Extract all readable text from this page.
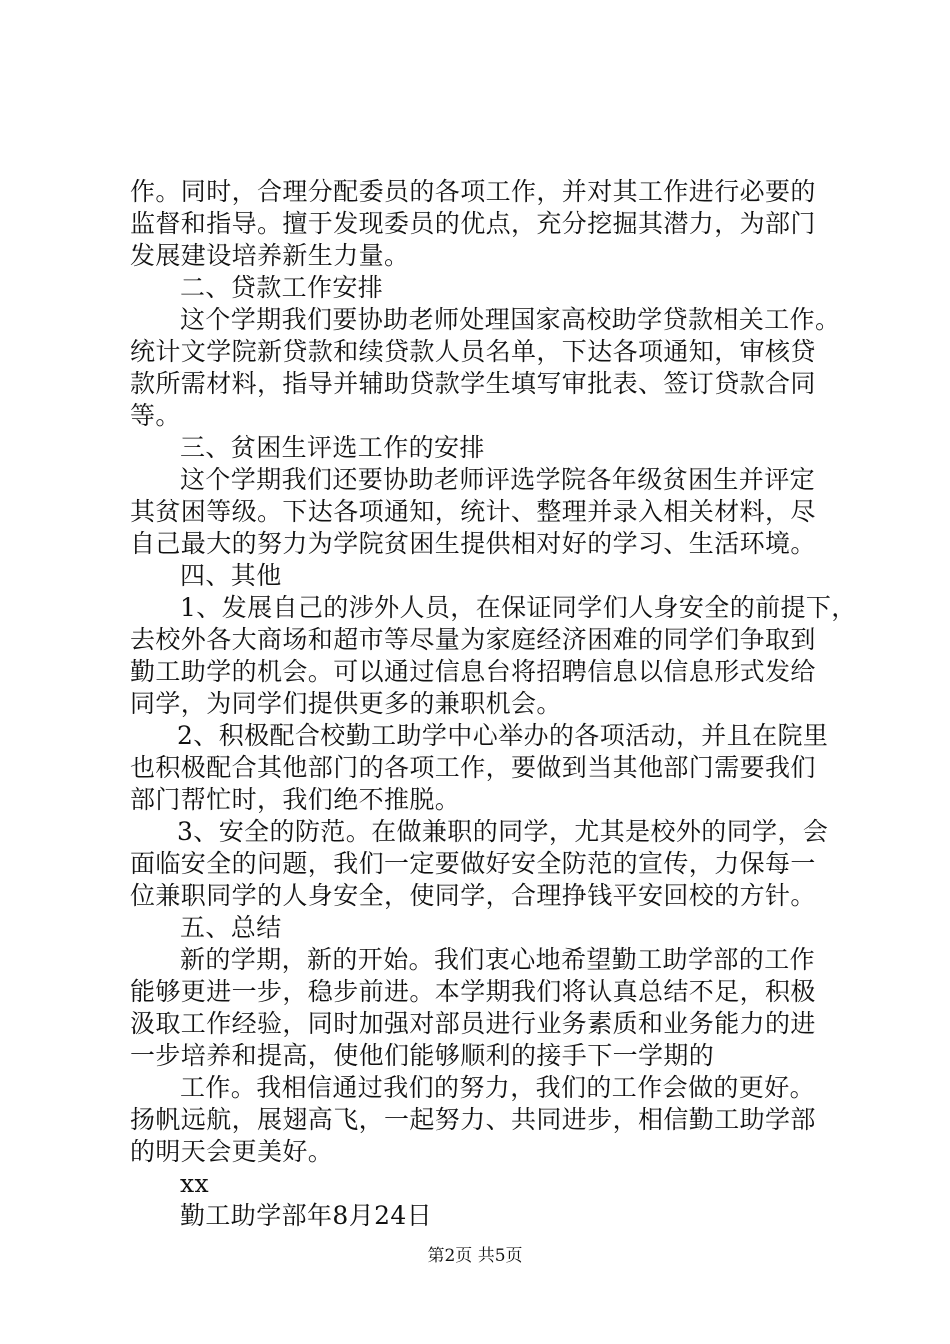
作。同时，合理分配委员的各项工作，并对其工作进行必要的
监督和指导。擅于发现委员的优点，充分挖掘其潜力，为部门
发展建设培养新生力量。
二、贷款工作安排
这个学期我们要协助老师处理国家高校助学贷款相关工作。
统计文学院新贷款和续贷款人员名单，下达各项通知，审核贷
款所需材料，指导并辅助贷款学生填写审批表、签订贷款合同
等。
三、贫困生评选工作的安排
这个学期我们还要协助老师评选学院各年级贫困生并评定
其贫困等级。下达各项通知，统计、整理并录入相关材料，尽
自己最大的努力为学院贫困生提供相对好的学习、生活环境。
四、其他
1、发展自己的涉外人员，在保证同学们人身安全的前提下，
去校外各大商场和超市等尽量为家庭经济困难的同学们争取到
勤工助学的机会。可以通过信息台将招聘信息以信息形式发给
同学，为同学们提供更多的兼职机会。
2、积极配合校勤工助学中心举办的各项活动，并且在院里
也积极配合其他部门的各项工作，要做到当其他部门需要我们
部门帮忙时，我们绝不推脱。
3、安全的防范。在做兼职的同学，尤其是校外的同学，会
面临安全的问题，我们一定要做好安全防范的宣传，力保每一
位兼职同学的人身安全，使同学，合理挣钱平安回校的方针。
五、总结
新的学期，新的开始。我们衷心地希望勤工助学部的工作
能够更进一步，稳步前进。本学期我们将认真总结不足，积极
汲取工作经验，同时加强对部员进行业务素质和业务能力的进
一步培养和提高，使他们能够顺利的接手下一学期的
工作。我相信通过我们的努力，我们的工作会做的更好。
扬帆远航，展翅高飞，一起努力、共同进步，相信勤工助学部
的明天会更美好。
xx
勤工助学部年8月24日
第2页 共5页
